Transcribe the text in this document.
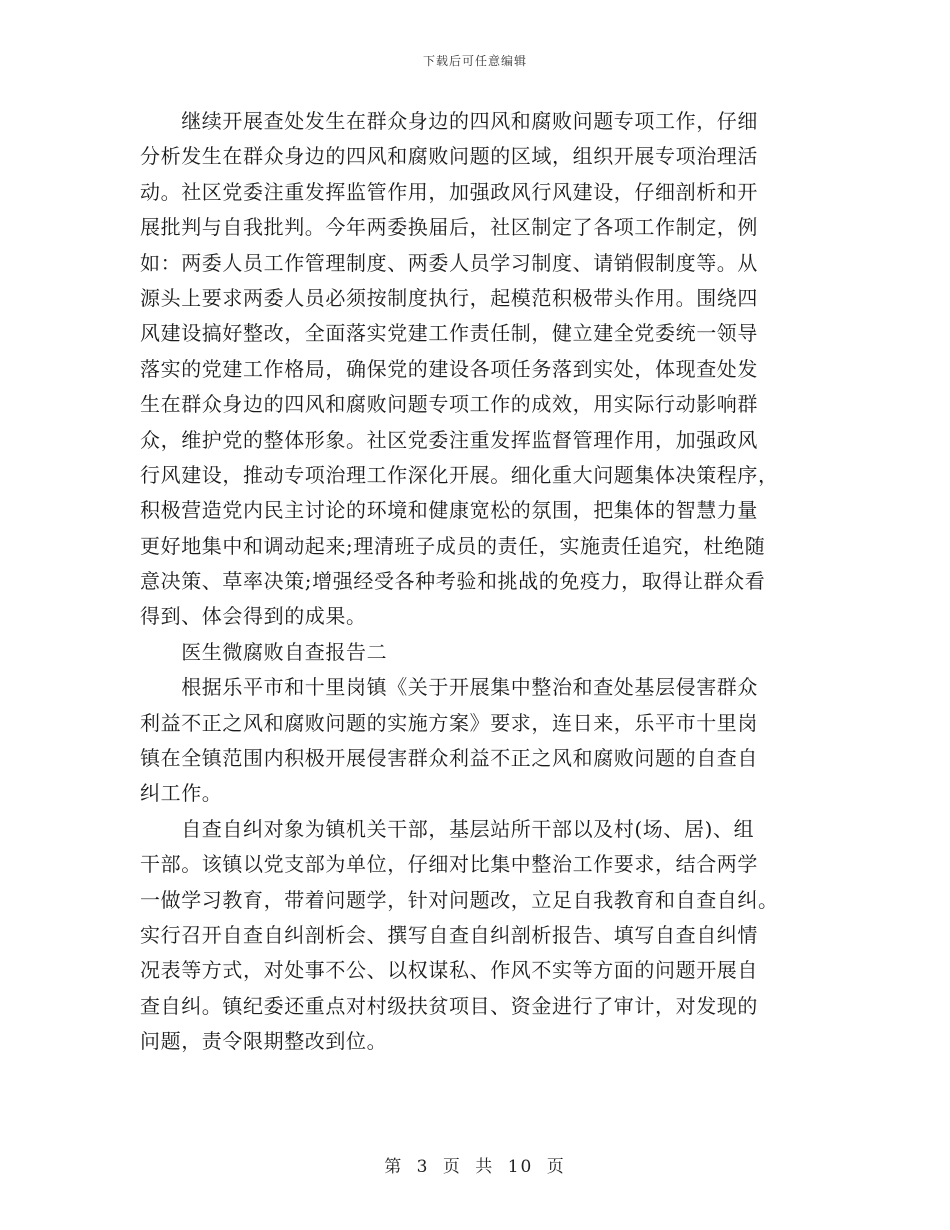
下载后可任意编辑
　　继续开展查处发生在群众身边的四风和腐败问题专项工作，仔细
分析发生在群众身边的四风和腐败问题的区域，组织开展专项治理活
动。社区党委注重发挥监管作用，加强政风行风建设，仔细剖析和开
展批判与自我批判。今年两委换届后，社区制定了各项工作制定，例
如：两委人员工作管理制度、两委人员学习制度、请销假制度等。从
源头上要求两委人员必须按制度执行，起模范积极带头作用。围绕四
风建设搞好整改，全面落实党建工作责任制，健立建全党委统一领导
落实的党建工作格局，确保党的建设各项任务落到实处，体现查处发
生在群众身边的四风和腐败问题专项工作的成效，用实际行动影响群
众，维护党的整体形象。社区党委注重发挥监督管理作用，加强政风
行风建设，推动专项治理工作深化开展。细化重大问题集体决策程序，
积极营造党内民主讨论的环境和健康宽松的氛围，把集体的智慧力量
更好地集中和调动起来;理清班子成员的责任，实施责任追究，杜绝随
意决策、草率决策;增强经受各种考验和挑战的免疫力，取得让群众看
得到、体会得到的成果。
　　医生微腐败自查报告二
　　根据乐平市和十里岗镇《关于开展集中整治和查处基层侵害群众
利益不正之风和腐败问题的实施方案》要求，连日来，乐平市十里岗
镇在全镇范围内积极开展侵害群众利益不正之风和腐败问题的自查自
纠工作。
　　自查自纠对象为镇机关干部，基层站所干部以及村(场、居)、组
干部。该镇以党支部为单位，仔细对比集中整治工作要求，结合两学
一做学习教育，带着问题学，针对问题改，立足自我教育和自查自纠。
实行召开自查自纠剖析会、撰写自查自纠剖析报告、填写自查自纠情
况表等方式，对处事不公、以权谋私、作风不实等方面的问题开展自
查自纠。镇纪委还重点对村级扶贫项目、资金进行了审计，对发现的
问题，责令限期整改到位。
第 3 页 共 10 页
